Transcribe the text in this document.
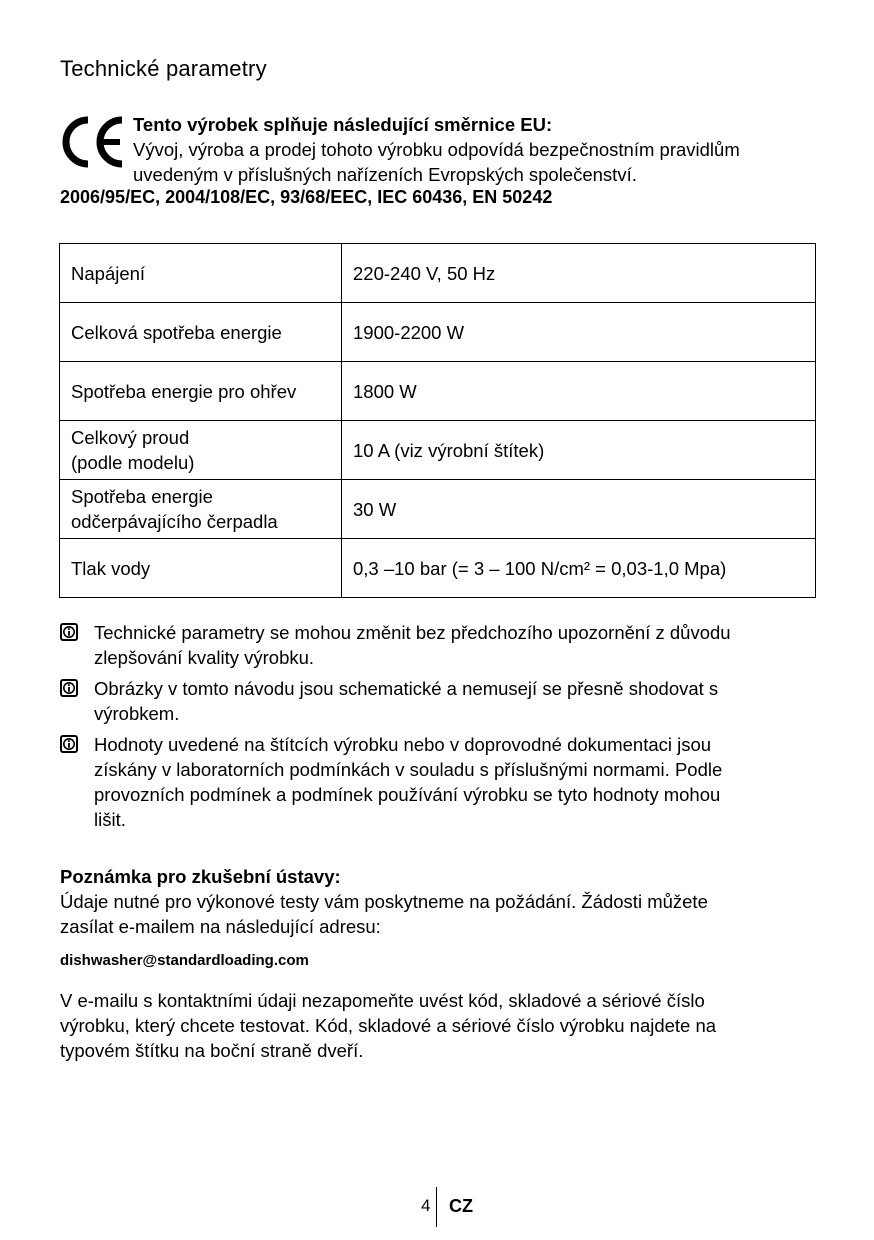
Technické parametry
Tento výrobek splňuje následující směrnice EU:
Vývoj, výroba a prodej tohoto výrobku odpovídá bezpečnostním pravidlům
uvedeným v příslušných nařízeních Evropských společenství.
2006/95/EC, 2004/108/EC, 93/68/EEC, IEC 60436, EN 50242
Napájení	220-240 V, 50 Hz

Celková spotřeba energie	1900-2200 W

Spotřeba energie pro ohřev	1800 W

Celkový proud
(podle modelu)	10 A (viz výrobní štítek)

Spotřeba energie
odčerpávajícího čerpadla	30 W

Tlak vody	0,3 –10 bar (= 3 – 100 N/cm² = 0,03-1,0 Mpa)
Technické parametry se mohou změnit bez předchozího upozornění z důvodu
zlepšování kvality výrobku.
Obrázky v tomto návodu jsou schematické a nemusejí se přesně shodovat s
výrobkem.
Hodnoty uvedené na štítcích výrobku nebo v doprovodné dokumentaci jsou
získány v laboratorních podmínkách v souladu s příslušnými normami. Podle
provozních podmínek a podmínek používání výrobku se tyto hodnoty mohou
lišit.
Poznámka pro zkušební ústavy:
Údaje nutné pro výkonové testy vám poskytneme na požádání. Žádosti můžete
zasílat e-mailem na následující adresu:
dishwasher@standardloading.com
V e-mailu s kontaktními údaji nezapomeňte uvést kód, skladové a sériové číslo
výrobku, který chcete testovat. Kód, skladové a sériové číslo výrobku najdete na
typovém štítku na boční straně dveří.
4 CZ
